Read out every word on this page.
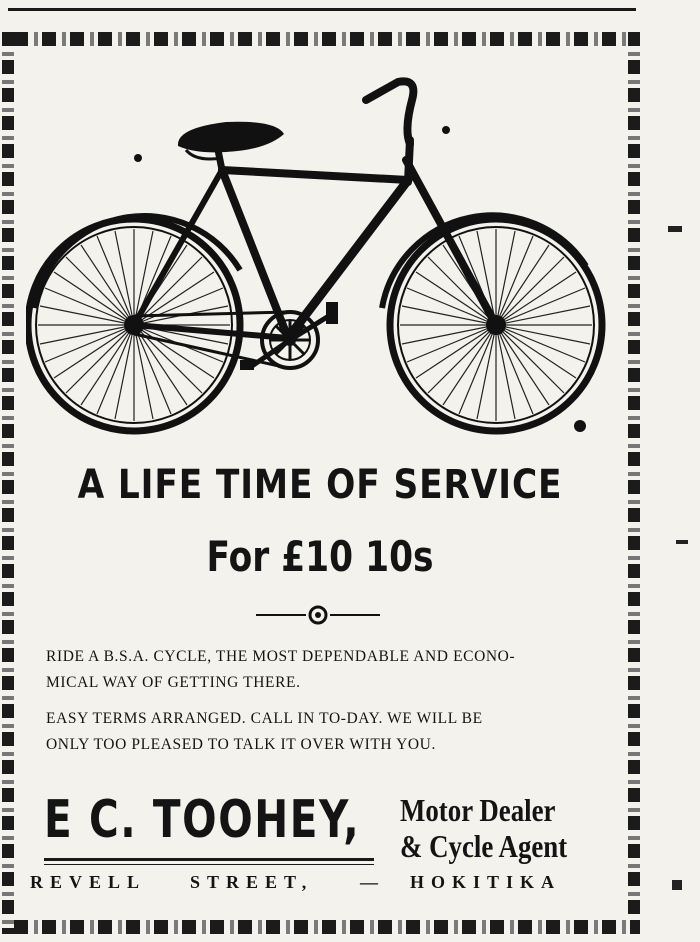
A LIFE TIME OF SERVICE
For £10 10s
RIDE A B.S.A. CYCLE, THE MOST DEPENDABLE AND ECONO-
MICAL WAY OF GETTING THERE.
EASY TERMS ARRANGED. CALL IN TO-DAY. WE WILL BE
ONLY TOO PLEASED TO TALK IT OVER WITH YOU.
E C. TOOHEY, Motor Dealer
& Cycle Agent
REVELL STREET,	— HOKITIKA
